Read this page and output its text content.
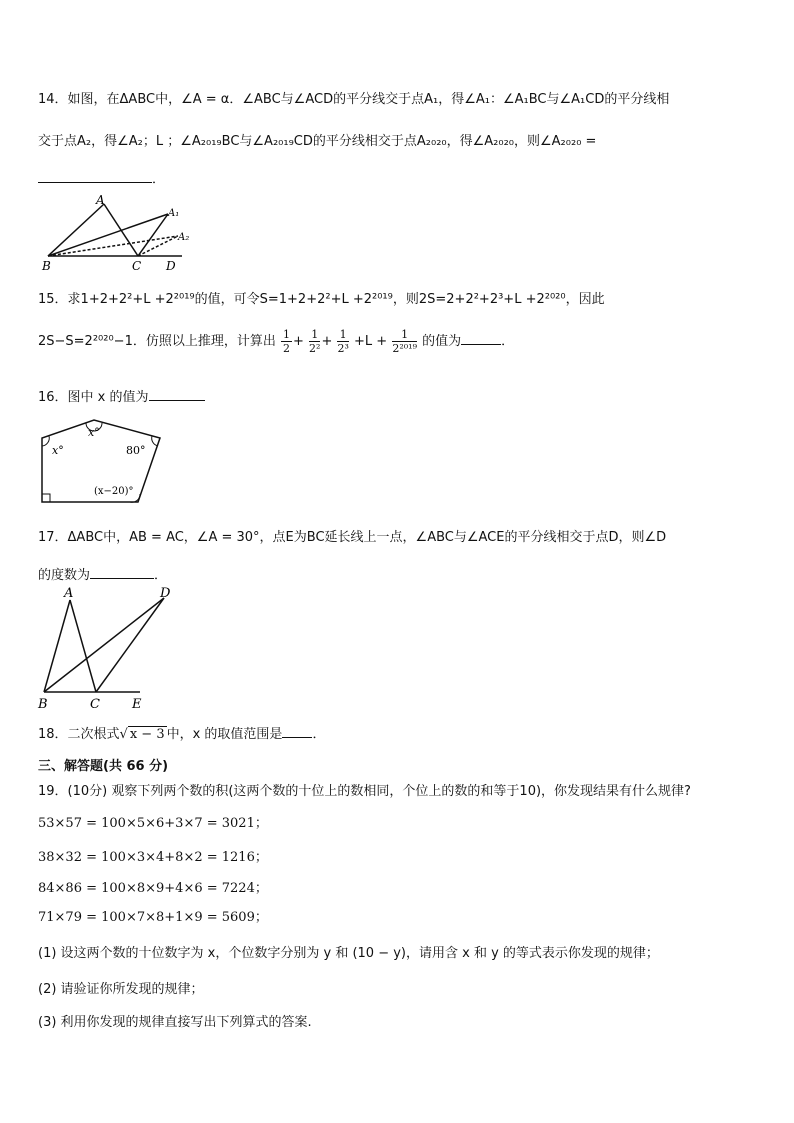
14．如图，在ΔABC中，∠A = α．∠ABC与∠ACD的平分线交于点A₁，得∠A₁：∠A₁BC与∠A₁CD的平分线相
交于点A₂，得∠A₂；L ；∠A₂₀₁₉BC与∠A₂₀₁₉CD的平分线相交于点A₂₀₂₀，得∠A₂₀₂₀，则∠A₂₀₂₀ =
．
A
A₁
A₂
B	C D
15．求1+2+2²+L +2²⁰¹⁹的值，可令S=1+2+2²+L +2²⁰¹⁹，则2S=2+2²+2³+L +2²⁰²⁰，因此
2S−S=2²⁰²⁰−1．仿照以上推理，计算出 $\frac{1}{2} + \frac{1}{\text{2²}} + \frac{1}{\text{2³}} +L + \frac{1}{\text{2²⁰¹⁹}}$ 的值为	．
16．图中 x 的值为
x°
x°
80°
(x−20)°
17．ΔABC中，AB = AC，∠A = 30°，点E为BC延长线上一点，∠ABC与∠ACE的平分线相交于点D，则∠D
的度数为	．
A	D
B	C E
18．二次根式√ x − 3 中，x 的取值范围是 ．
三、解答题(共 66 分)
19．(10分) 观察下列两个数的积(这两个数的十位上的数相同，个位上的数的和等于10)，你发现结果有什么规律?
53×57 = 100×5×6+3×7 = 3021；
38×32 = 100×3×4+8×2 = 1216；
84×86 = 100×8×9+4×6 = 7224；
71×79 = 100×7×8+1×9 = 5609；
(1) 设这两个数的十位数字为 x，个位数字分别为 y 和 (10 − y)，请用含 x 和 y 的等式表示你发现的规律；
(2) 请验证你所发现的规律；
(3) 利用你发现的规律直接写出下列算式的答案.
